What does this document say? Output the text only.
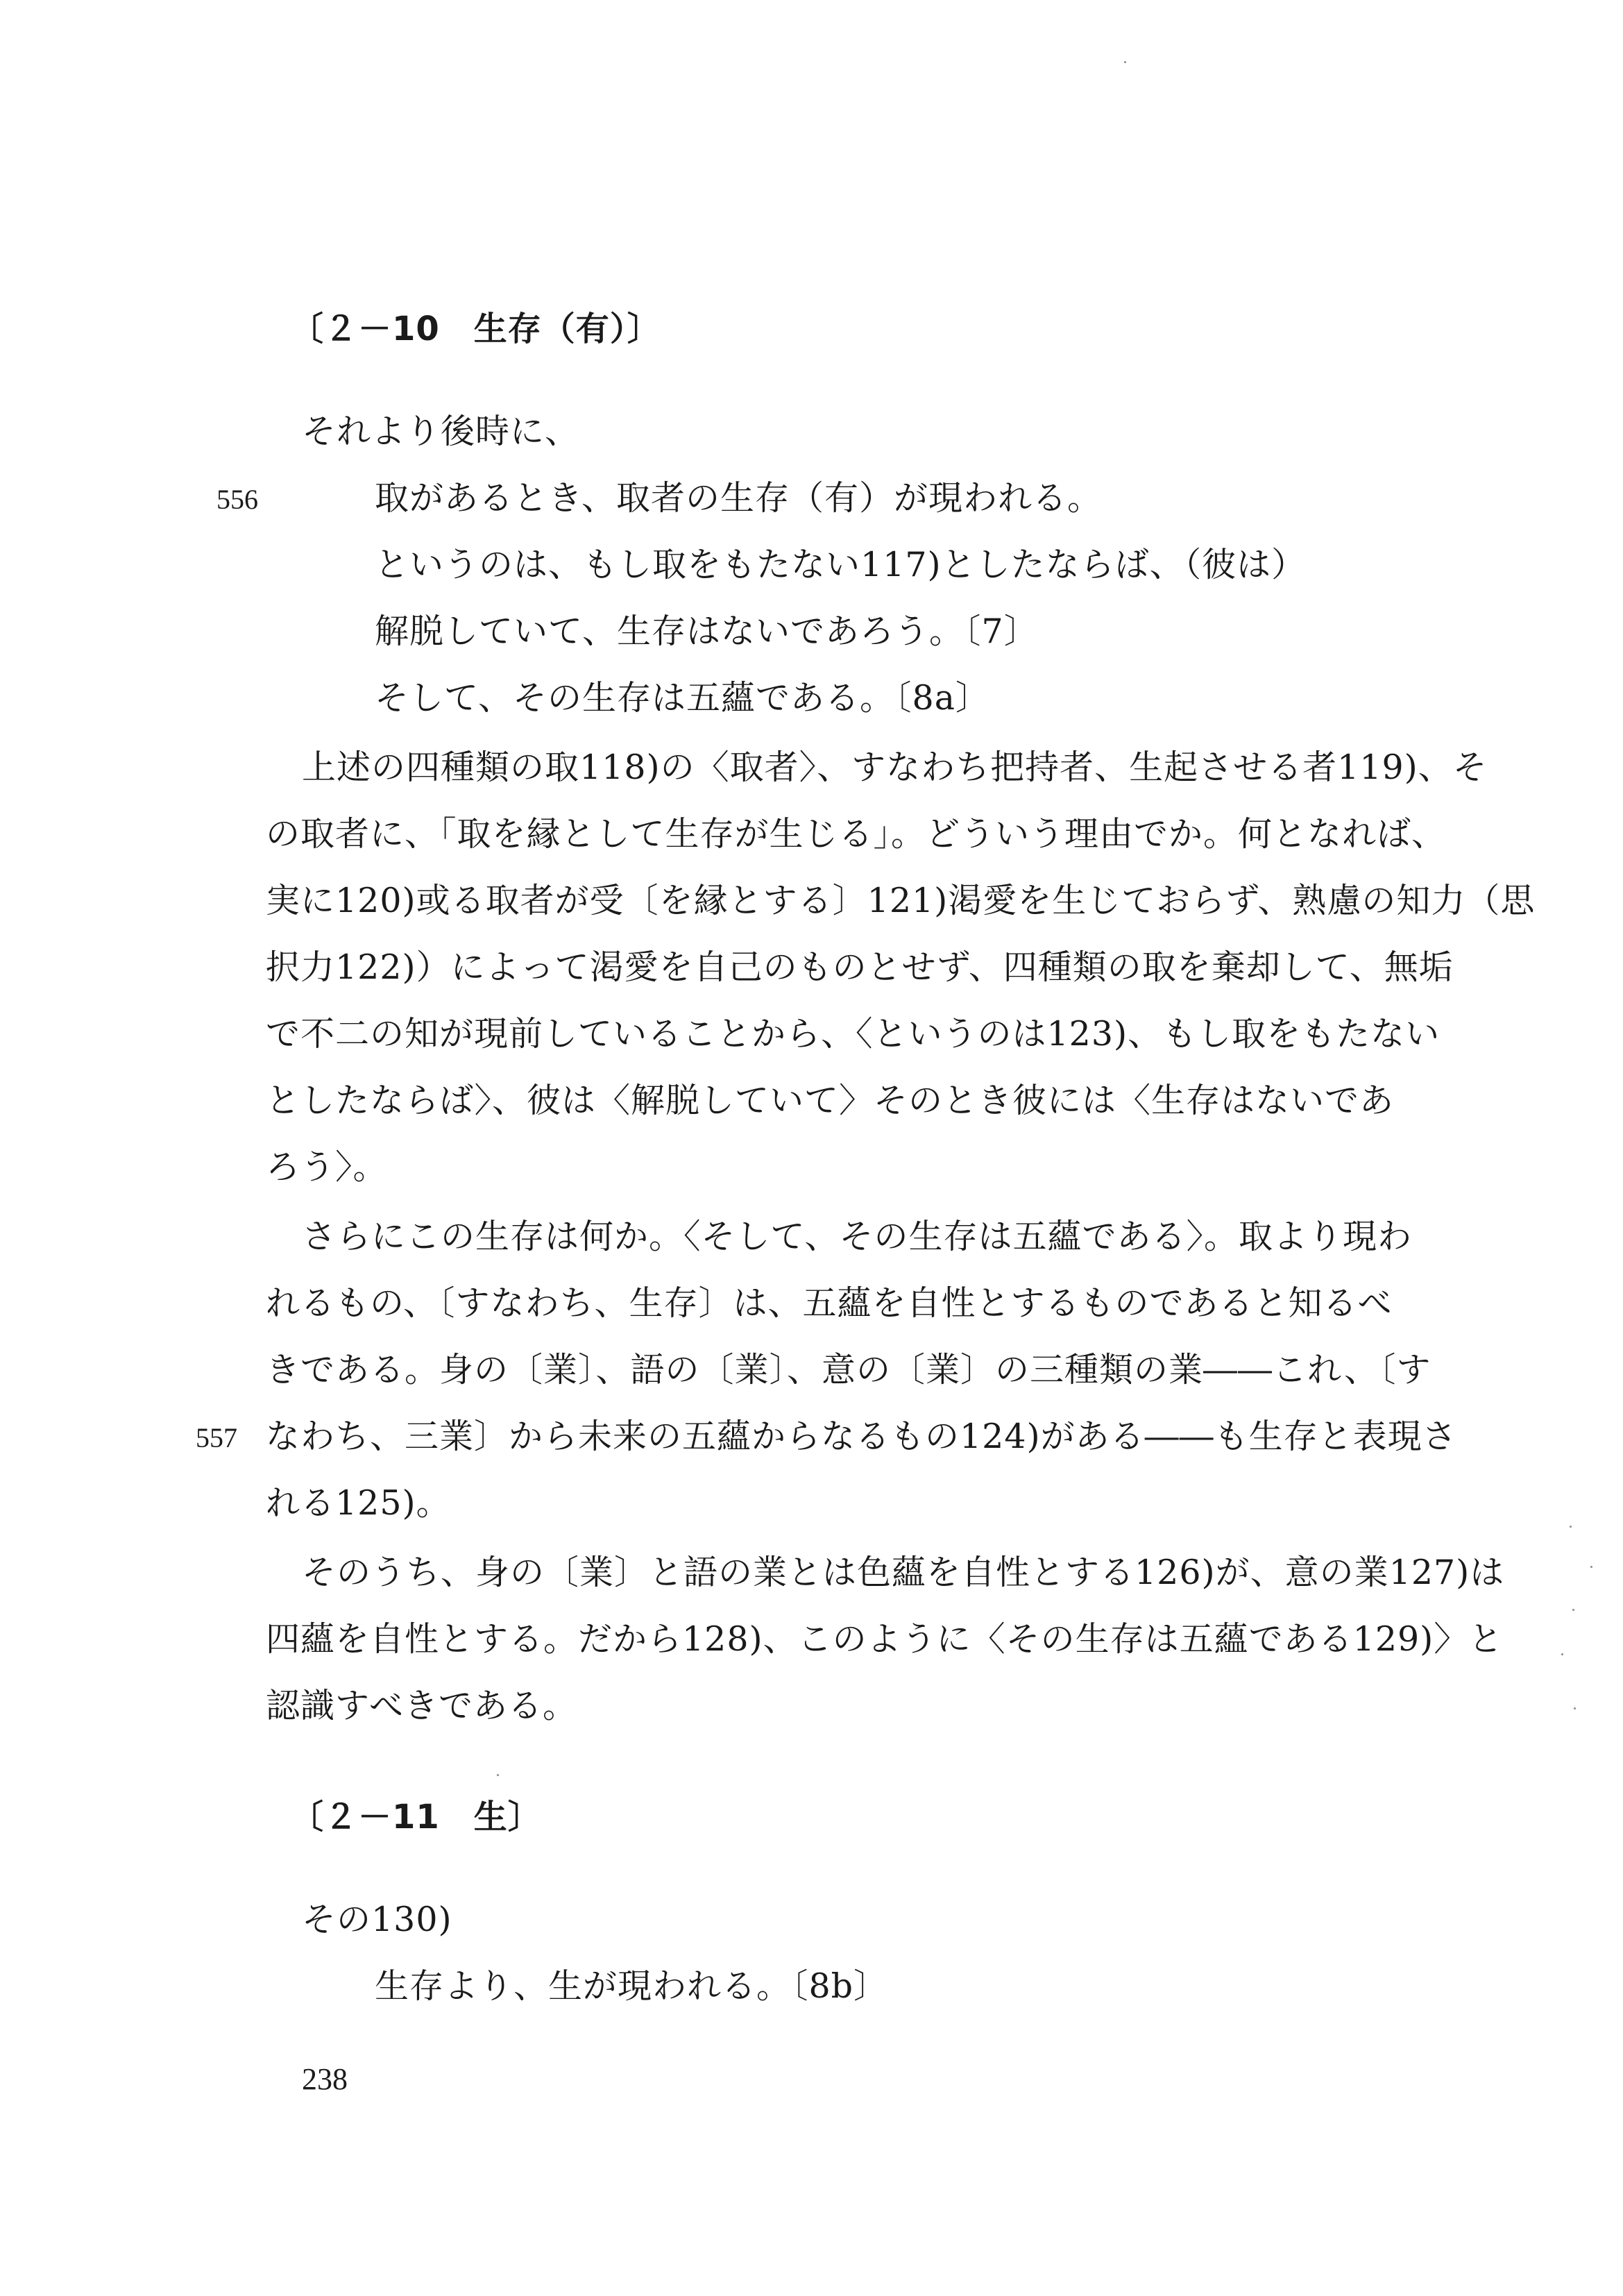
〔２－10　生存（有）〕
それより後時に、
556	取があるとき、取者の生存（有）が現われる。
というのは、もし取をもたない117)としたならば、（彼は）
解脱していて、生存はないであろう。〔7〕
そして、その生存は五蘊である。〔8a〕
上述の四種類の取118)の〈取者〉、すなわち把持者、生起させる者119)、そ
の取者に、「取を縁として生存が生じる」。どういう理由でか。何となれば、
実に120)或る取者が受〔を縁とする〕121)渇愛を生じておらず、熟慮の知力（思
択力122)）によって渇愛を自己のものとせず、四種類の取を棄却して、無垢
で不二の知が現前していることから、〈というのは123)、もし取をもたない
としたならば〉、彼は〈解脱していて〉そのとき彼には〈生存はないであ
ろう〉。
さらにこの生存は何か。〈そして、その生存は五蘊である〉。取より現わ
れるもの、〔すなわち、生存〕は、五蘊を自性とするものであると知るべ
きである。身の〔業〕、語の〔業〕、意の〔業〕の三種類の業――これ、〔す
557 なわち、三業〕から未来の五蘊からなるもの124)がある――も生存と表現さ
れる125)。
そのうち、身の〔業〕と語の業とは色蘊を自性とする126)が、意の業127)は
四蘊を自性とする。だから128)、このように〈その生存は五蘊である129)〉と
認識すべきである。
〔２－11　生〕
その130)
生存より、生が現われる。〔8b〕
238
